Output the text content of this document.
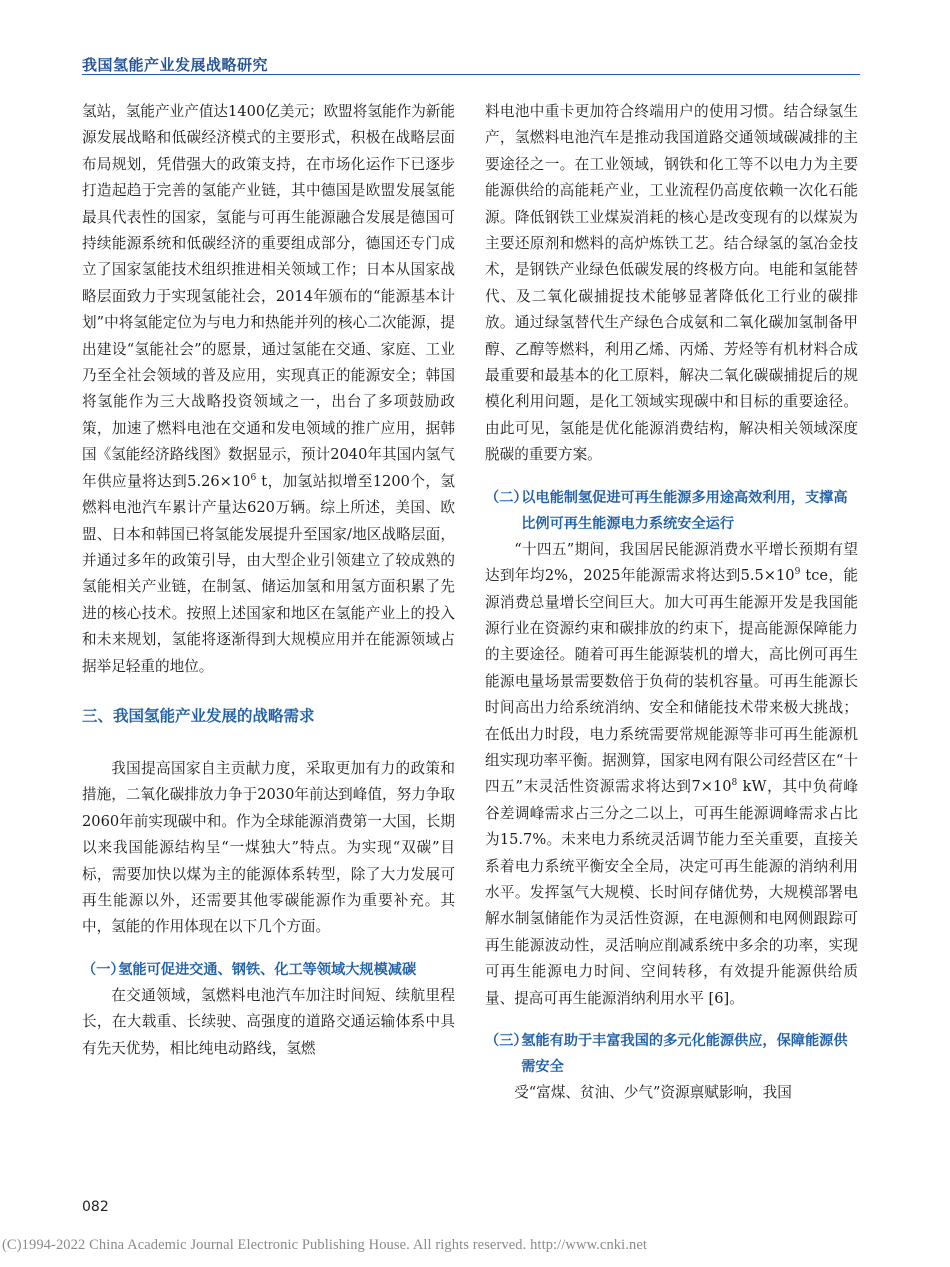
我国氢能产业发展战略研究

氢站，氢能产业产值达1400亿美元；欧盟将氢能作为新能源发展战略和低碳经济模式的主要形式，积极在战略层面布局规划，凭借强大的政策支持，在市场化运作下已逐步打造起趋于完善的氢能产业链，其中德国是欧盟发展氢能最具代表性的国家，氢能与可再生能源融合发展是德国可持续能源系统和低碳经济的重要组成部分，德国还专门成立了国家氢能技术组织推进相关领域工作；日本从国家战略层面致力于实现氢能社会，2014年颁布的“能源基本计划”中将氢能定位为与电力和热能并列的核心二次能源，提出建设“氢能社会”的愿景，通过氢能在交通、家庭、工业乃至全社会领域的普及应用，实现真正的能源安全；韩国将氢能作为三大战略投资领域之一，出台了多项鼓励政策，加速了燃料电池在交通和发电领域的推广应用，据韩国《氢能经济路线图》数据显示，预计2040年其国内氢气年供应量将达到$5.26\times 10^6$ t，加氢站拟增至1200个，氢燃料电池汽车累计产量达620万辆。综上所述，美国、欧盟、日本和韩国已将氢能发展提升至国家/地区战略层面，并通过多年的政策引导，由大型企业引领建立了较成熟的氢能相关产业链，在制氢、储运加氢和用氢方面积累了先进的核心技术。按照上述国家和地区在氢能产业上的投入和未来规划，氢能将逐渐得到大规模应用并在能源领域占据举足轻重的地位。

三、我国氢能产业发展的战略需求

我国提高国家自主贡献力度，采取更加有力的政策和措施，二氧化碳排放力争于2030年前达到峰值，努力争取2060年前实现碳中和。作为全球能源消费第一大国，长期以来我国能源结构呈“一煤独大”特点。为实现“双碳”目标，需要加快以煤为主的能源体系转型，除了大力发展可再生能源以外，还需要其他零碳能源作为重要补充。其中，氢能的作用体现在以下几个方面。

（一）氢能可促进交通、钢铁、化工等领域大规模减碳

在交通领域，氢燃料电池汽车加注时间短、续航里程长，在大载重、长续驶、高强度的道路交通运输体系中具有先天优势，相比纯电动路线，氢燃

料电池中重卡更加符合终端用户的使用习惯。结合绿氢生产，氢燃料电池汽车是推动我国道路交通领域碳减排的主要途径之一。在工业领域，钢铁和化工等不以电力为主要能源供给的高能耗产业，工业流程仍高度依赖一次化石能源。降低钢铁工业煤炭消耗的核心是改变现有的以煤炭为主要还原剂和燃料的高炉炼铁工艺。结合绿氢的氢冶金技术，是钢铁产业绿色低碳发展的终极方向。电能和氢能替代、及二氧化碳捕捉技术能够显著降低化工行业的碳排放。通过绿氢替代生产绿色合成氨和二氧化碳加氢制备甲醇、乙醇等燃料，利用乙烯、丙烯、芳烃等有机材料合成最重要和最基本的化工原料，解决二氧化碳碳捕捉后的规模化利用问题，是化工领域实现碳中和目标的重要途径。由此可见，氢能是优化能源消费结构，解决相关领域深度脱碳的重要方案。

（二）以电能制氢促进可再生能源多用途高效利用，支撑高比例可再生能源电力系统安全运行

“十四五”期间，我国居民能源消费水平增长预期有望达到年均2%，2025年能源需求将达到$5.5\times 10^9$ tce，能源消费总量增长空间巨大。加大可再生能源开发是我国能源行业在资源约束和碳排放的约束下，提高能源保障能力的主要途径。随着可再生能源装机的增大，高比例可再生能源电量场景需要数倍于负荷的装机容量。可再生能源长时间高出力给系统消纳、安全和储能技术带来极大挑战；在低出力时段，电力系统需要常规能源等非可再生能源机组实现功率平衡。据测算，国家电网有限公司经营区在“十四五”末灵活性资源需求将达到$7\times 10^8$ kW，其中负荷峰谷差调峰需求占三分之二以上，可再生能源调峰需求占比为15.7%。未来电力系统灵活调节能力至关重要，直接关系着电力系统平衡安全全局，决定可再生能源的消纳利用水平。发挥氢气大规模、长时间存储优势，大规模部署电解水制氢储能作为灵活性资源，在电源侧和电网侧跟踪可再生能源波动性，灵活响应削减系统中多余的功率，实现可再生能源电力时间、空间转移，有效提升能源供给质量、提高可再生能源消纳利用水平 [6]。

（三）氢能有助于丰富我国的多元化能源供应，保障能源供需安全

受“富煤、贫油、少气”资源禀赋影响，我国

082
(C)1994-2022 China Academic Journal Electronic Publishing House. All rights reserved. http://www.cnki.net
